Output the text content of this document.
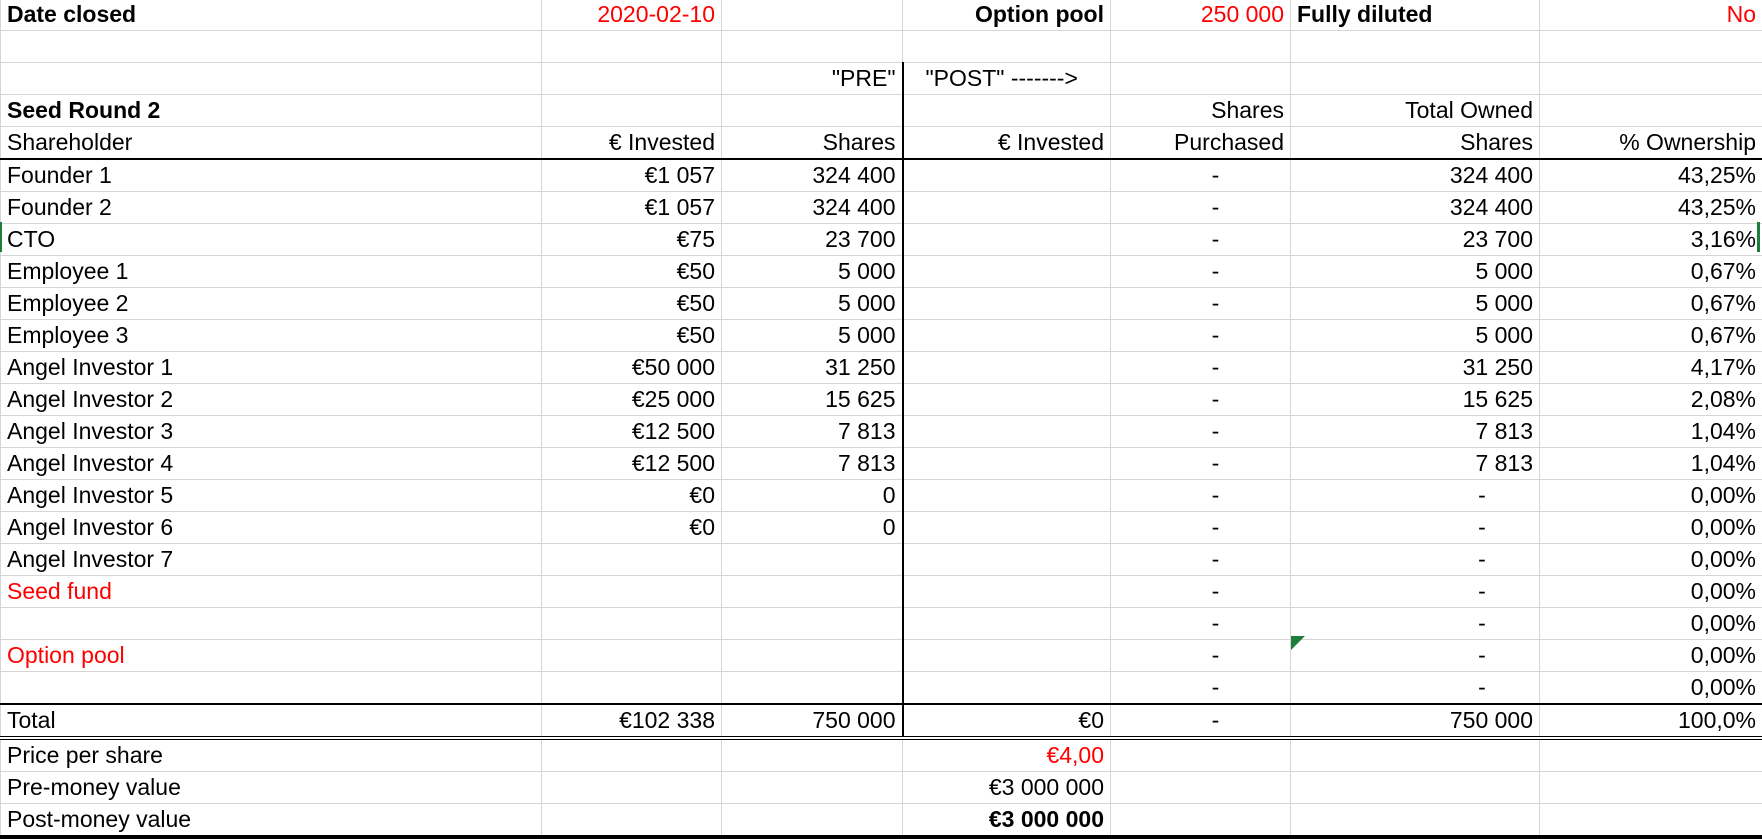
Date closed	2020-02-10		Option pool	250 000	Fully diluted	No

		"PRE"	"POST" ------->			
Seed Round 2				Shares	Total Owned	
Shareholder	€ Invested	Shares	€ Invested	Purchased	Shares	% Ownership
Founder 1	€1 057	324 400		-	324 400	43,25%
Founder 2	€1 057	324 400		-	324 400	43,25%
CTO	€75	23 700		-	23 700	3,16%
Employee 1	€50	5 000		-	5 000	0,67%
Employee 2	€50	5 000		-	5 000	0,67%
Employee 3	€50	5 000		-	5 000	0,67%
Angel Investor 1	€50 000	31 250		-	31 250	4,17%
Angel Investor 2	€25 000	15 625		-	15 625	2,08%
Angel Investor 3	€12 500	7 813		-	7 813	1,04%
Angel Investor 4	€12 500	7 813		-	7 813	1,04%
Angel Investor 5	€0	0		-	-	0,00%
Angel Investor 6	€0	0		-	-	0,00%
Angel Investor 7				-	-	0,00%
Seed fund				-	-	0,00%
				-	-	0,00%
Option pool				-	-	0,00%
				-	-	0,00%
Total	€102 338	750 000	€0	-	750 000	100,0%
Price per share			€4,00			
Pre-money value			€3 000 000			
Post-money value			€3 000 000			
